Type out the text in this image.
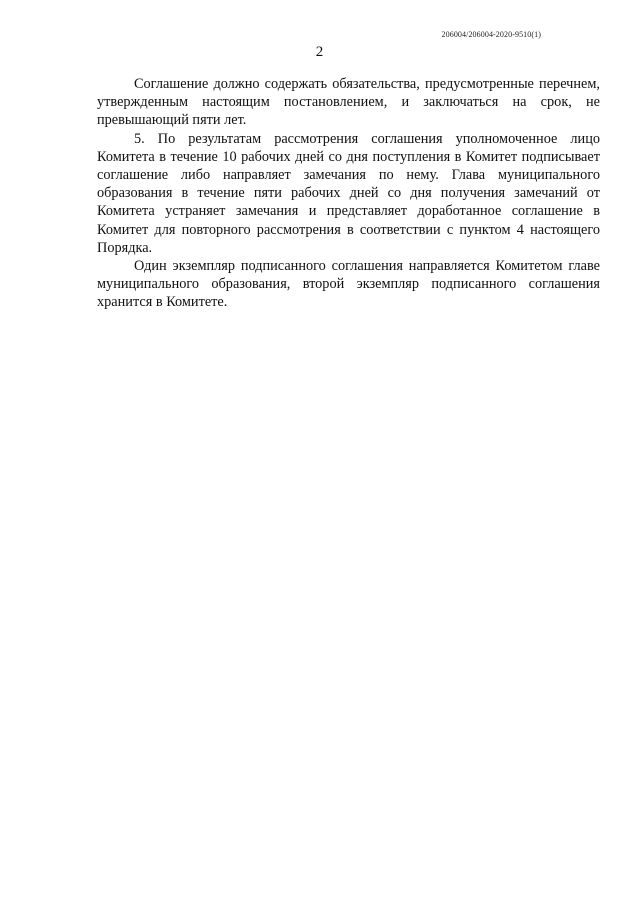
206004/206004-2020-9510(1)
2

Соглашение должно содержать обязательства, предусмотренные перечнем, утвержденным настоящим постановлением, и заключаться на срок, не превышающий пяти лет.

5. По результатам рассмотрения соглашения уполномоченное лицо Комитета в течение 10 рабочих дней со дня поступления в Комитет подписывает соглашение либо направляет замечания по нему. Глава муниципального образования в течение пяти рабочих дней со дня получения замечаний от Комитета устраняет замечания и представляет доработанное соглашение в Комитет для повторного рассмотрения в соответствии с пунктом 4 настоящего Порядка.

Один экземпляр подписанного соглашения направляется Комитетом главе муниципального образования, второй экземпляр подписанного соглашения хранится в Комитете.
